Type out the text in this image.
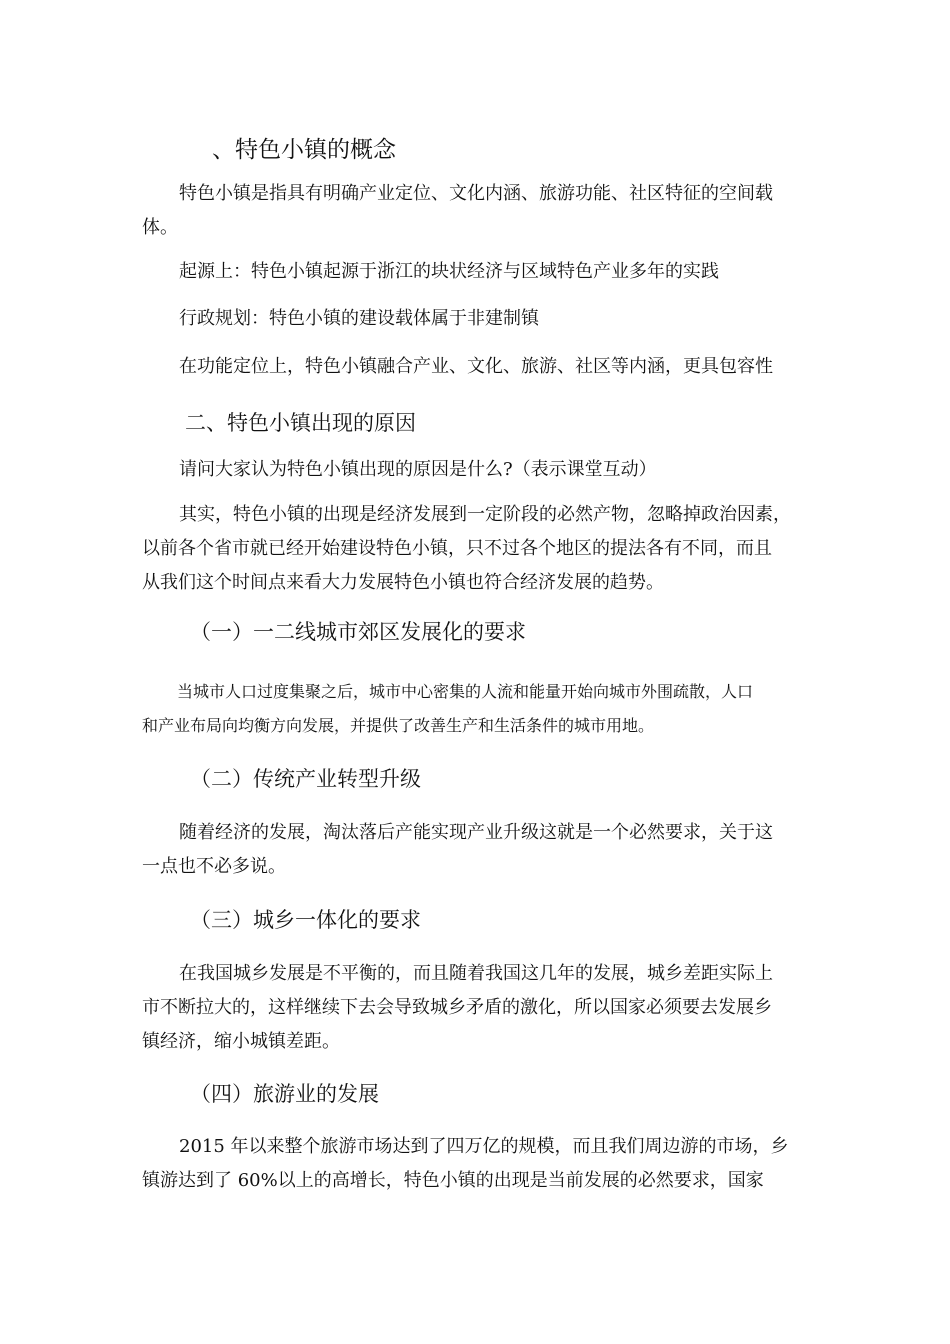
、特色小镇的概念
特色小镇是指具有明确产业定位、文化内涵、旅游功能、社区特征的空间载
体。
起源上：特色小镇起源于浙江的块状经济与区域特色产业多年的实践
行政规划：特色小镇的建设载体属于非建制镇
在功能定位上，特色小镇融合产业、文化、旅游、社区等内涵，更具包容性
二、特色小镇出现的原因
请问大家认为特色小镇出现的原因是什么?（表示课堂互动）
其实，特色小镇的出现是经济发展到一定阶段的必然产物，忽略掉政治因素，
以前各个省市就已经开始建设特色小镇，只不过各个地区的提法各有不同，而且
从我们这个时间点来看大力发展特色小镇也符合经济发展的趋势。
（一）一二线城市郊区发展化的要求
当城市人口过度集聚之后，城市中心密集的人流和能量开始向城市外围疏散，人口
和产业布局向均衡方向发展，并提供了改善生产和生活条件的城市用地。
（二）传统产业转型升级
随着经济的发展，淘汰落后产能实现产业升级这就是一个必然要求，关于这
一点也不必多说。
（三）城乡一体化的要求
在我国城乡发展是不平衡的，而且随着我国这几年的发展，城乡差距实际上
市不断拉大的，这样继续下去会导致城乡矛盾的激化，所以国家必须要去发展乡
镇经济，缩小城镇差距。
（四）旅游业的发展
2015 年以来整个旅游市场达到了四万亿的规模，而且我们周边游的市场，乡
镇游达到了 60%以上的高增长，特色小镇的出现是当前发展的必然要求，国家
